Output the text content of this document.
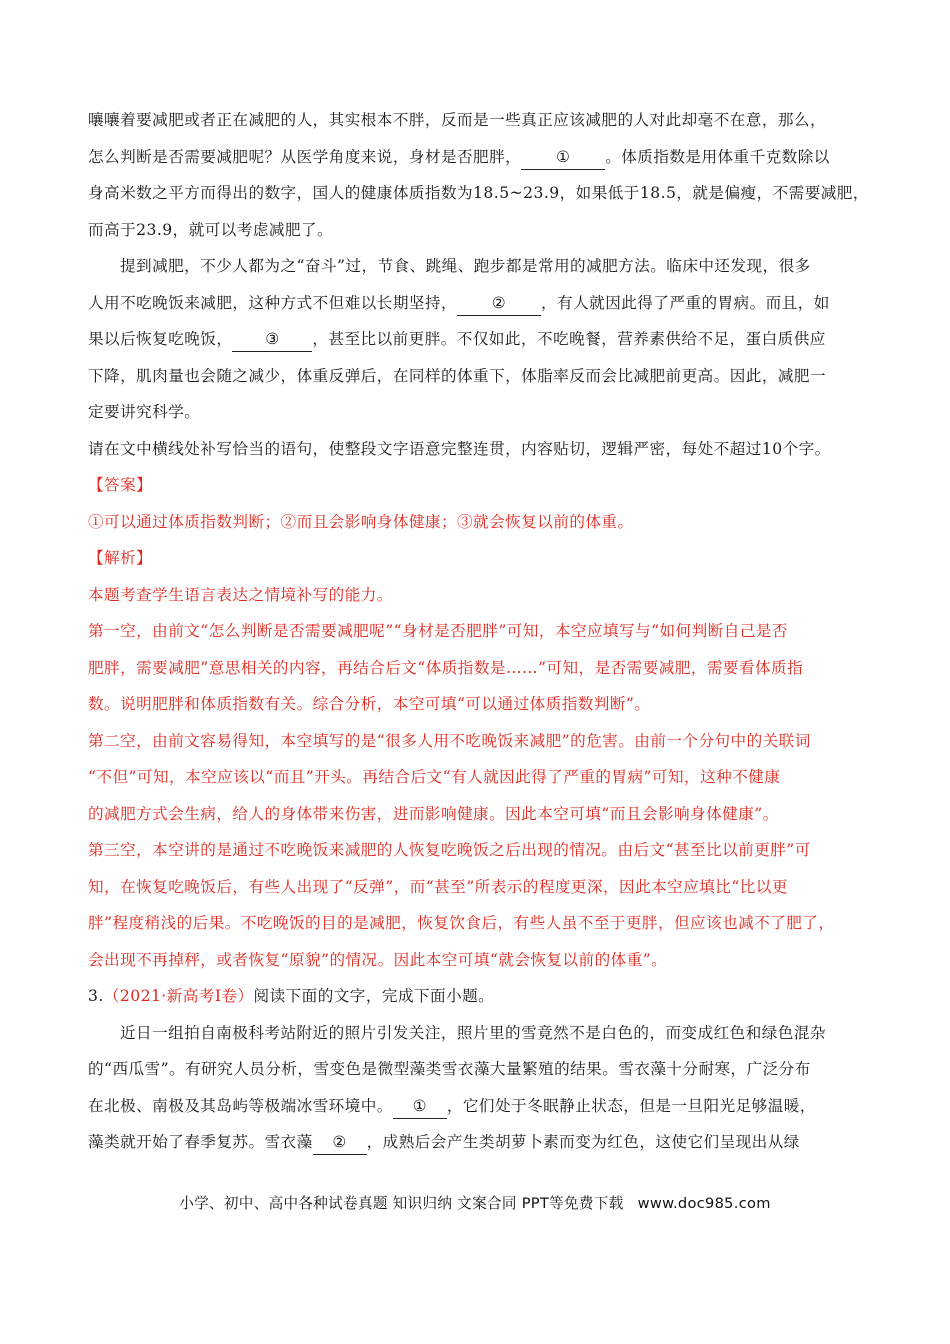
嚷嚷着要减肥或者正在减肥的人，其实根本不胖，反而是一些真正应该减肥的人对此却毫不在意，那么，
怎么判断是否需要减肥呢？从医学角度来说，身材是否肥胖， ① 。体质指数是用体重千克数除以
身高米数之平方而得出的数字，国人的健康体质指数为18.5~23.9，如果低于18.5，就是偏瘦，不需要减肥，
而高于23.9，就可以考虑减肥了。
提到减肥，不少人都为之“奋斗”过，节食、跳绳、跑步都是常用的减肥方法。临床中还发现，很多
人用不吃晚饭来减肥，这种方式不但难以长期坚持， ② ，有人就因此得了严重的胃病。而且，如
果以后恢复吃晚饭， ③ ，甚至比以前更胖。不仅如此，不吃晚餐，营养素供给不足，蛋白质供应
下降，肌肉量也会随之减少，体重反弹后，在同样的体重下，体脂率反而会比减肥前更高。因此，减肥一
定要讲究科学。
请在文中横线处补写恰当的语句，使整段文字语意完整连贯，内容贴切，逻辑严密，每处不超过10个字。
【答案】
①可以通过体质指数判断；②而且会影响身体健康；③就会恢复以前的体重。
【解析】
本题考查学生语言表达之情境补写的能力。
第一空，由前文“怎么判断是否需要减肥呢”“身材是否肥胖”可知，本空应填写与“如何判断自己是否
肥胖，需要减肥”意思相关的内容，再结合后文“体质指数是……”可知，是否需要减肥，需要看体质指
数。说明肥胖和体质指数有关。综合分析，本空可填“可以通过体质指数判断”。
第二空，由前文容易得知，本空填写的是“很多人用不吃晚饭来减肥”的危害。由前一个分句中的关联词
“不但”可知，本空应该以“而且”开头。再结合后文“有人就因此得了严重的胃病”可知，这种不健康
的减肥方式会生病，给人的身体带来伤害，进而影响健康。因此本空可填“而且会影响身体健康”。
第三空，本空讲的是通过不吃晚饭来减肥的人恢复吃晚饭之后出现的情况。由后文“甚至比以前更胖”可
知，在恢复吃晚饭后，有些人出现了“反弹”，而“甚至”所表示的程度更深，因此本空应填比“比以更
胖”程度稍浅的后果。不吃晚饭的目的是减肥，恢复饮食后，有些人虽不至于更胖，但应该也减不了肥了，
会出现不再掉秤，或者恢复“原貌”的情况。因此本空可填“就会恢复以前的体重”。
3.（2021·新高考Ⅰ卷）阅读下面的文字，完成下面小题。
近日一组拍自南极科考站附近的照片引发关注，照片里的雪竟然不是白色的，而变成红色和绿色混杂
的“西瓜雪”。有研究人员分析，雪变色是微型藻类雪衣藻大量繁殖的结果。雪衣藻十分耐寒，广泛分布
在北极、南极及其岛屿等极端冰雪环境中。 ① ，它们处于冬眠静止状态，但是一旦阳光足够温暖，
藻类就开始了春季复苏。雪衣藻 ② ，成熟后会产生类胡萝卜素而变为红色，这使它们呈现出从绿
小学、初中、高中各种试卷真题 知识归纳 文案合同 PPT等免费下载 www.doc985.com
